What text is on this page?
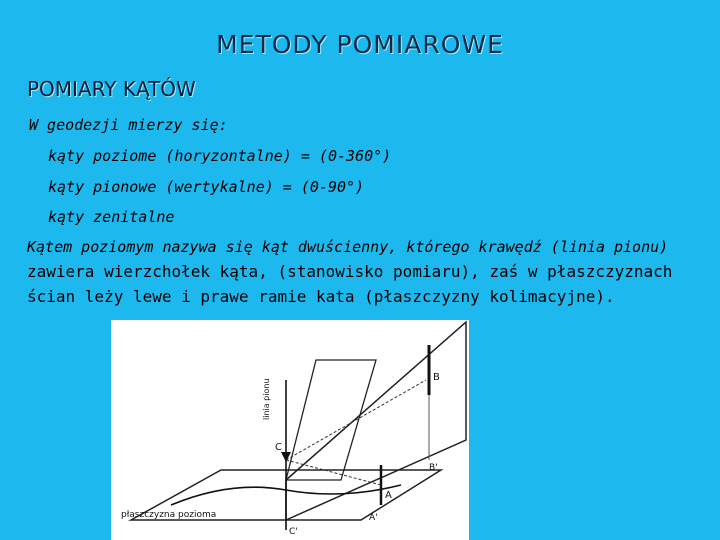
METODY POMIAROWE
POMIARY KĄTÓW
W geodezji mierzy się:
kąty poziome (horyzontalne) = (0-360°)
kąty pionowe (wertykalne) = (0-90°)
kąty zenitalne
Kątem poziomym nazywa się kąt dwuścienny, którego krawędź (linia pionu)
zawiera wierzchołek kąta, (stanowisko pomiaru), zaś w płaszczyznach
ścian leży lewe i prawe ramie kata (płaszczyzny kolimacyjne).
płaszczyzna pozioma
linia pionu
C
B
A
B'
A'
C'
